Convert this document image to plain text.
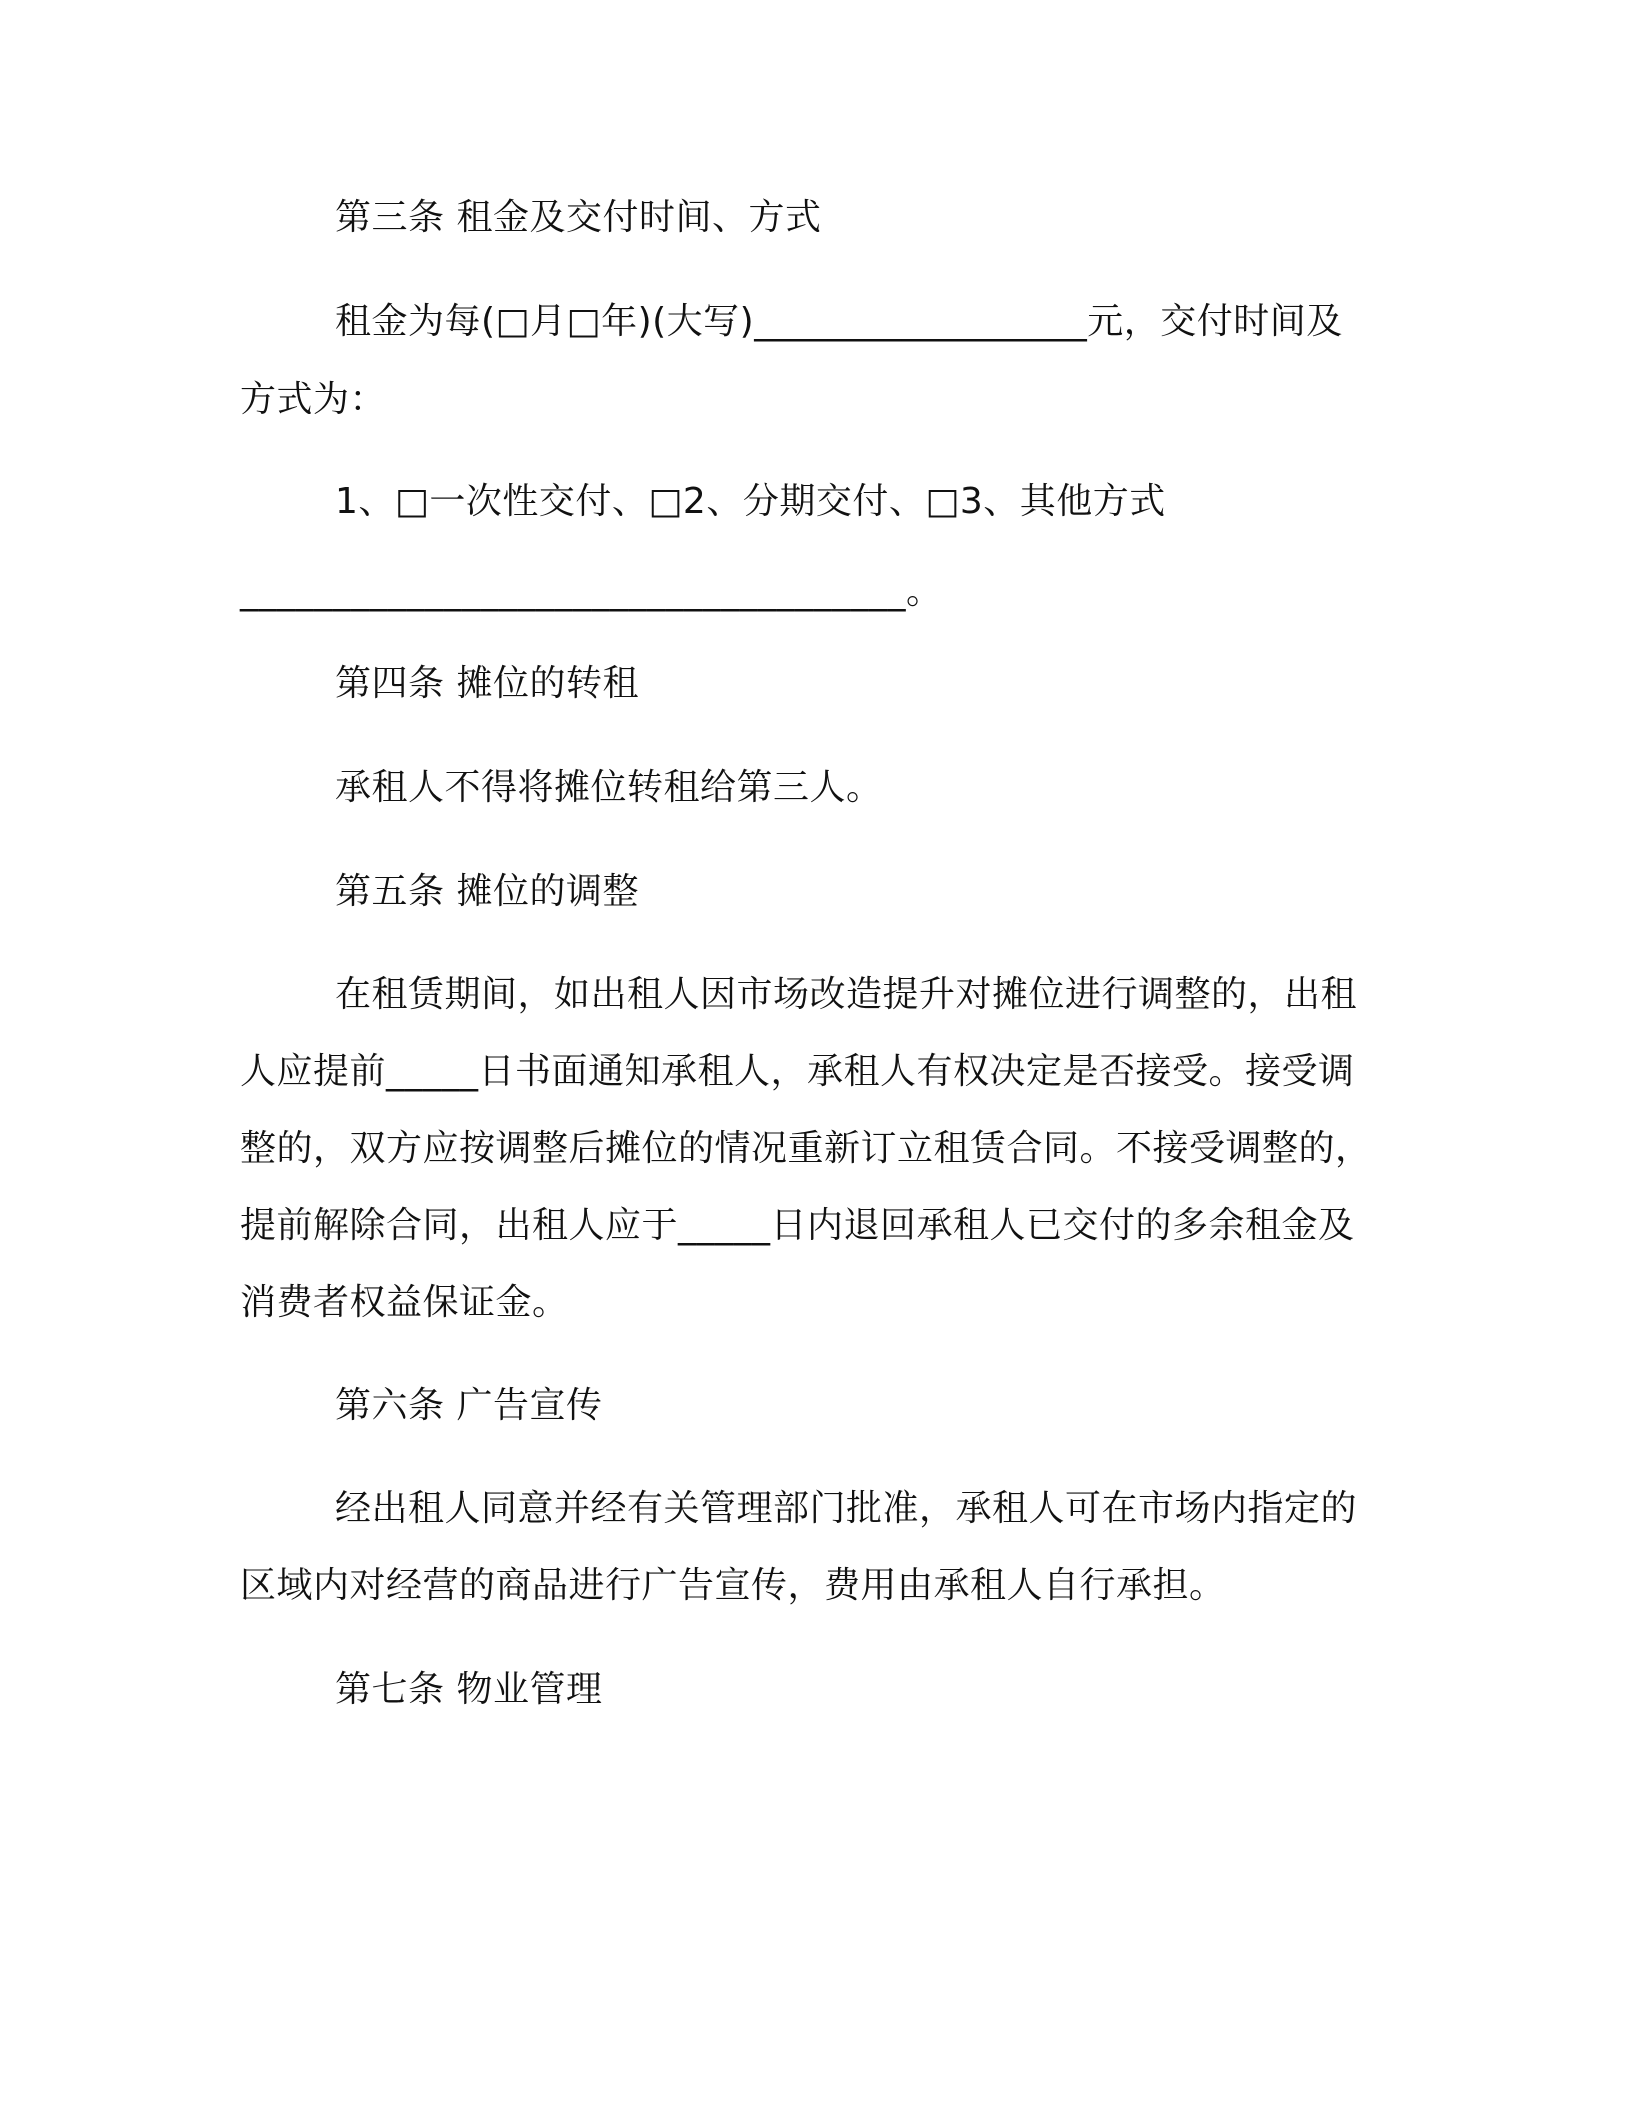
第三条 租金及交付时间、方式
租金为每(□月□年)(大写)__________________元，交付时间及
方式为：
1、□一次性交付、□2、分期交付、□3、其他方式
____________________________________。
第四条 摊位的转租
承租人不得将摊位转租给第三人。
第五条 摊位的调整
在租赁期间，如出租人因市场改造提升对摊位进行调整的，出租
人应提前_____日书面通知承租人，承租人有权决定是否接受。接受调
整的，双方应按调整后摊位的情况重新订立租赁合同。不接受调整的，
提前解除合同，出租人应于_____日内退回承租人已交付的多余租金及
消费者权益保证金。
第六条 广告宣传
经出租人同意并经有关管理部门批准，承租人可在市场内指定的
区域内对经营的商品进行广告宣传，费用由承租人自行承担。
第七条 物业管理
